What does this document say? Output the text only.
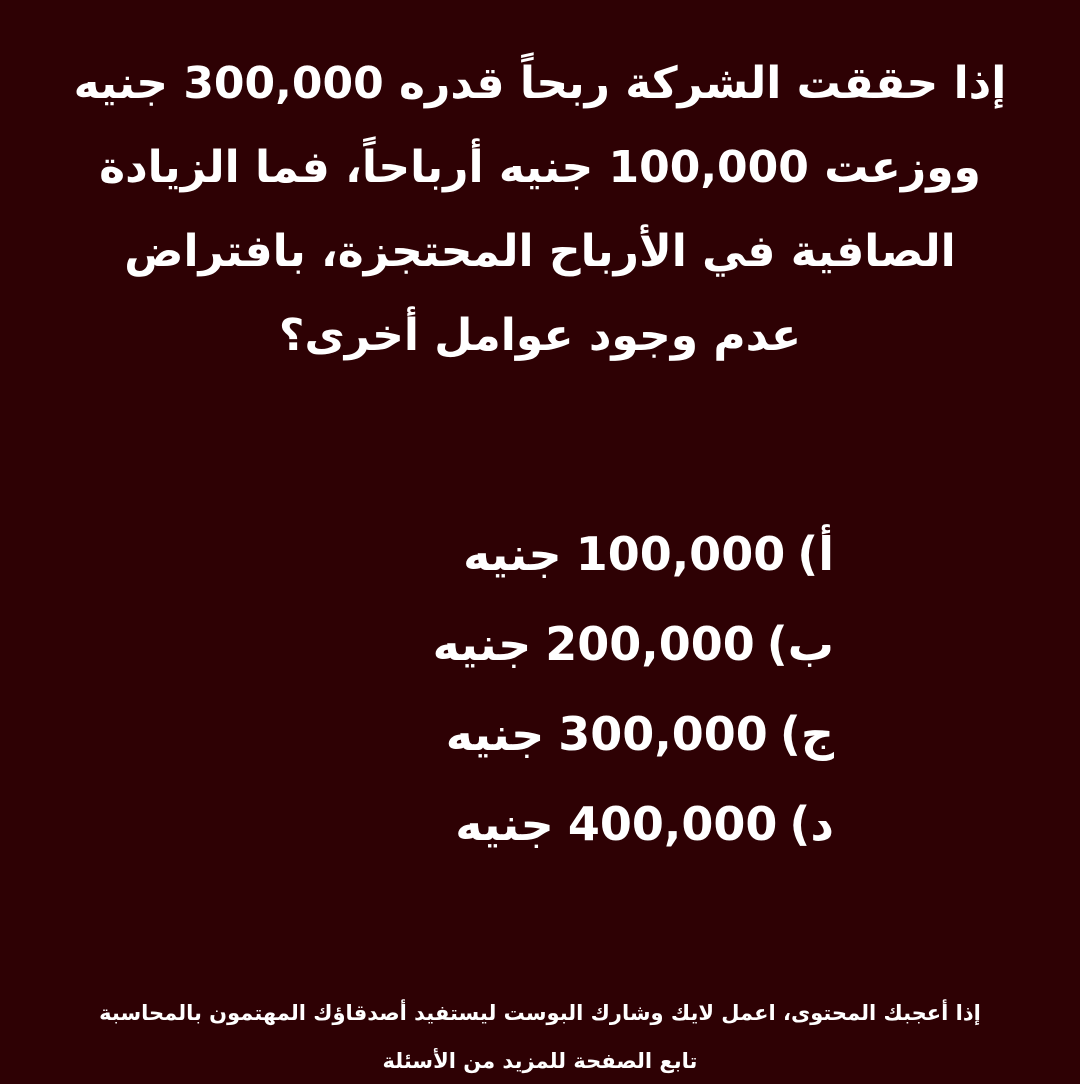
إذا حققت الشركة ربحاً قدره 300,000 جنيه
ووزعت 100,000 جنيه أرباحاً، فما الزيادة
الصافية في الأرباح المحتجزة، بافتراض
عدم وجود عوامل أخرى؟
أ)100,000جنيه
ب)200,000جنيه
ج)300,000جنيه
د)400,000جنيه
إذا أعجبك المحتوى، اعمل لايك وشارك البوست ليستفيد أصدقاؤك المهتمون بالمحاسبة
تابع الصفحة للمزيد من الأسئلة
